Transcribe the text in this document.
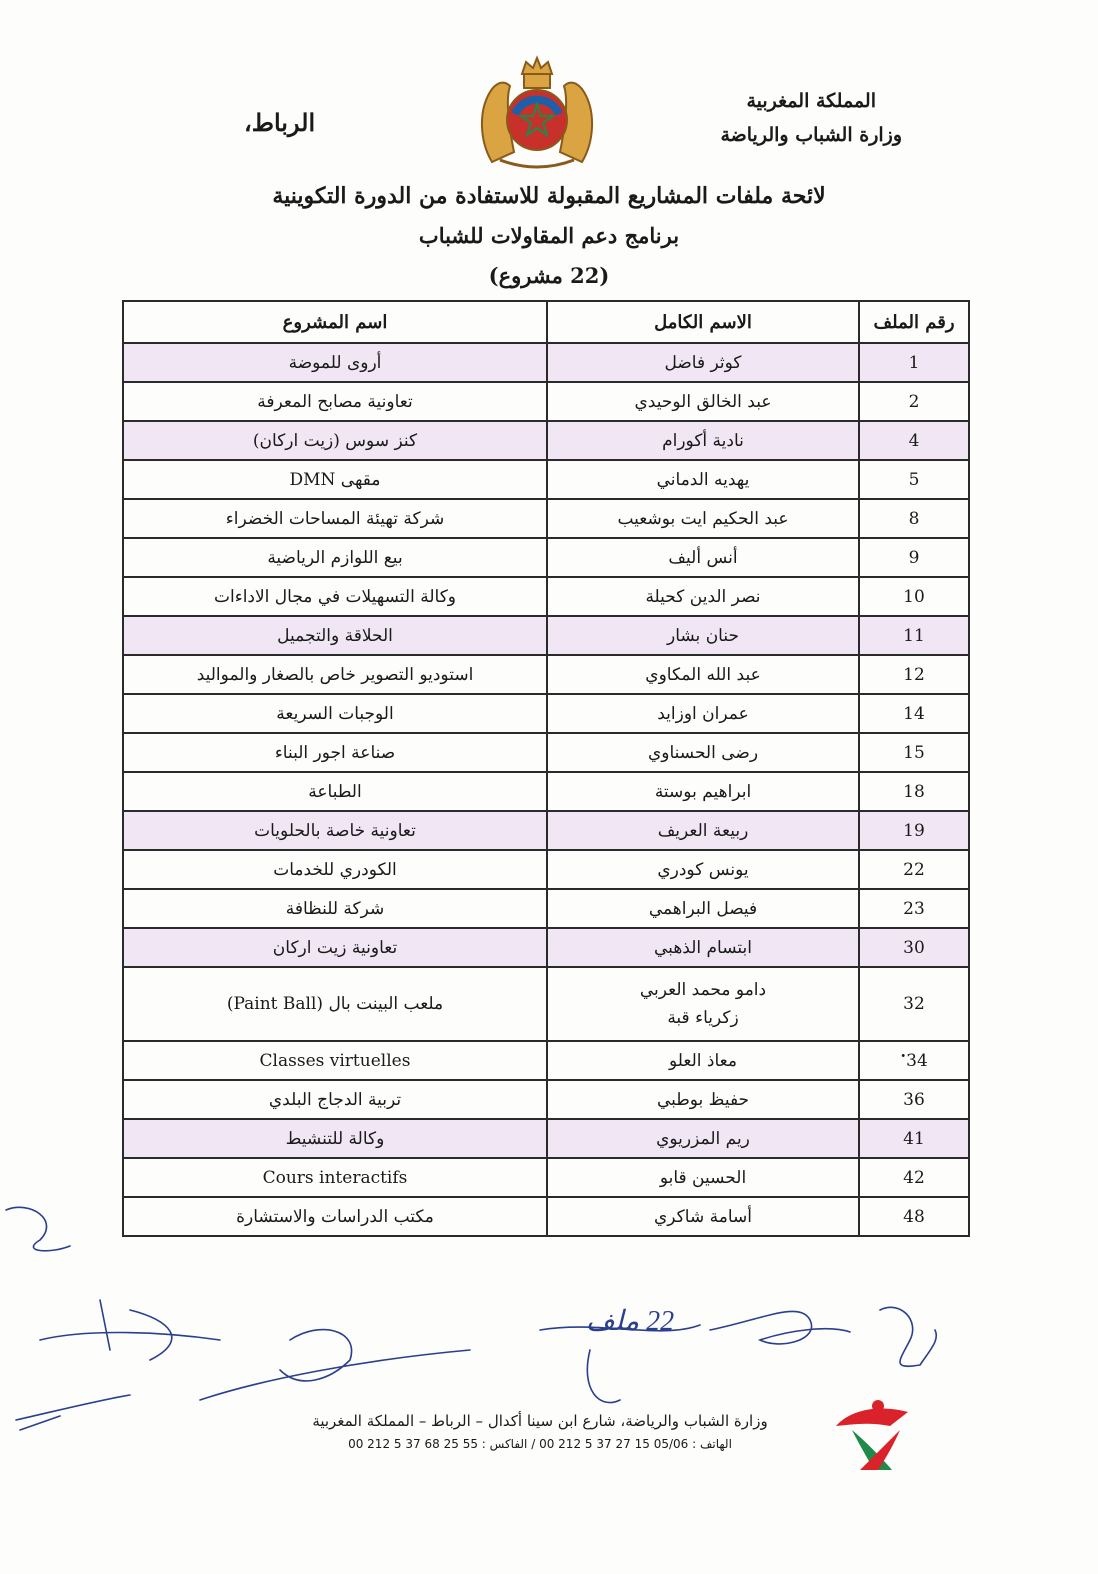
المملكة المغربية
وزارة الشباب والرياضة
الرباط،
لائحة ملفات المشاريع المقبولة للاستفادة من الدورة التكوينية
برنامج دعم المقاولات للشباب
(22 مشروع)
رقم الملف	الاسم الكامل	اسم المشروع
1	كوثر فاضل	أروى للموضة
2	عبد الخالق الوحيدي	تعاونية مصابح المعرفة
4	نادية أكورام	كنز سوس (زيت اركان)
5	يهديه الدماني	مقهى DMN
8	عبد الحكيم ايت بوشعيب	شركة تهيئة المساحات الخضراء
9	أنس أليف	بيع اللوازم الرياضية
10	نصر الدين كحيلة	وكالة التسهيلات في مجال الاداءات
11	حنان بشار	الحلاقة والتجميل
12	عبد الله المكاوي	استوديو التصوير خاص بالصغار والمواليد
14	عمران اوزايد	الوجبات السريعة
15	رضى الحسناوي	صناعة اجور البناء
18	ابراهيم بوستة	الطباعة
19	ربيعة العريف	تعاونية خاصة بالحلويات
22	يونس كودري	الكودري للخدمات
23	فيصل البراهمي	شركة للنظافة
30	ابتسام الذهبي	تعاونية زيت اركان
32	دامو محمد العربي
زكرياء قبة	ملعب البينت بال (Paint Ball)
34•	معاذ العلو	Classes virtuelles
36	حفيظ بوطبي	تربية الدجاج البلدي
41	ريم المزريوي	وكالة للتنشيط
42	الحسين قابو	Cours interactifs
48	أسامة شاكري	مكتب الدراسات والاستشارة
22 ملف
وزارة الشباب والرياضة، شارع ابن سينا أكدال – الرباط – المملكة المغربية
الهاتف : 05/06 15 27 37 5 212 00 / الفاكس : 55 25 68 37 5 212 00
